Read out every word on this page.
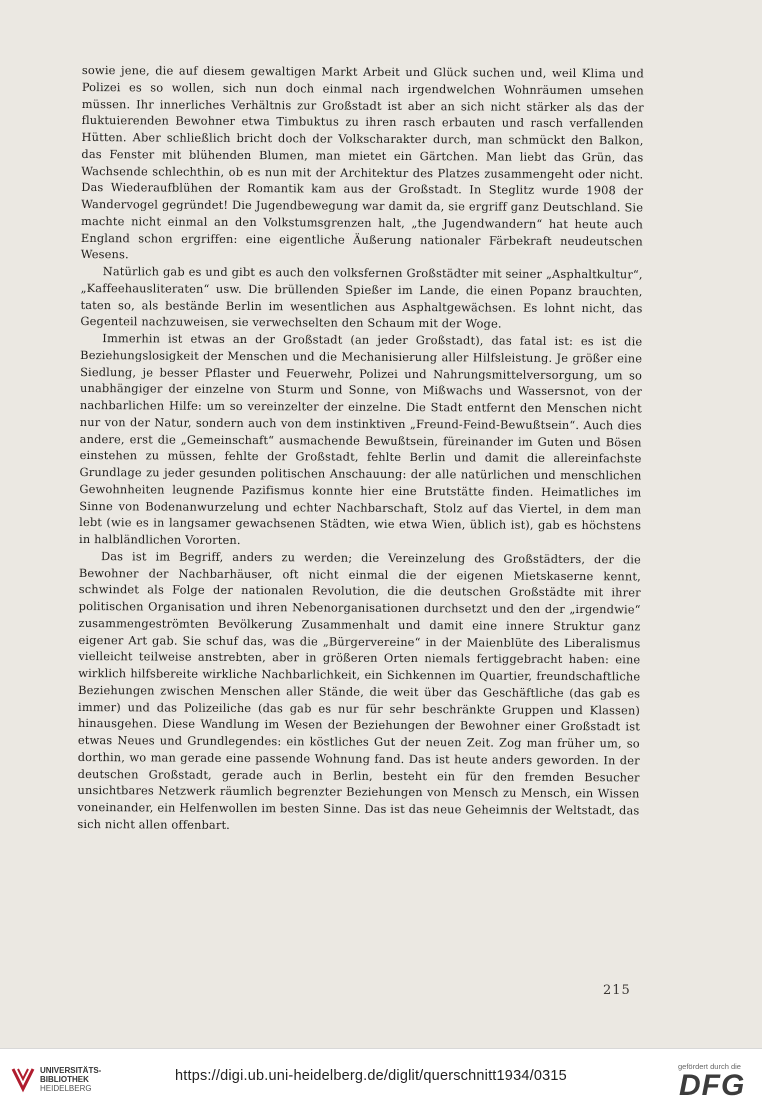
sowie jene, die auf diesem gewaltigen Markt Arbeit und Glück suchen und, weil Klima und Polizei es so wollen, sich nun doch einmal nach irgendwelchen Wohnräumen umsehen müssen. Ihr innerliches Verhältnis zur Großstadt ist aber an sich nicht stärker als das der fluktuierenden Bewohner etwa Timbuktus zu ihren rasch erbauten und rasch verfallenden Hütten. Aber schließlich bricht doch der Volkscharakter durch, man schmückt den Balkon, das Fenster mit blühenden Blumen, man mietet ein Gärtchen. Man liebt das Grün, das Wachsende schlechthin, ob es nun mit der Architektur des Platzes zusammengeht oder nicht. Das Wiederaufblühen der Romantik kam aus der Großstadt. In Steglitz wurde 1908 der Wandervogel gegründet! Die Jugendbewegung war damit da, sie ergriff ganz Deutschland. Sie machte nicht einmal an den Volkstumsgrenzen halt, „the Jugendwandern“ hat heute auch England schon ergriffen: eine eigentliche Äußerung nationaler Färbekraft neudeutschen Wesens.

Natürlich gab es und gibt es auch den volksfernen Großstädter mit seiner „Asphaltkultur“, „Kaffeehausliteraten“ usw. Die brüllenden Spießer im Lande, die einen Popanz brauchten, taten so, als bestände Berlin im wesentlichen aus Asphaltgewächsen. Es lohnt nicht, das Gegenteil nachzuweisen, sie verwechselten den Schaum mit der Woge.

Immerhin ist etwas an der Großstadt (an jeder Großstadt), das fatal ist: es ist die Beziehungslosigkeit der Menschen und die Mechanisierung aller Hilfsleistung. Je größer eine Siedlung, je besser Pflaster und Feuerwehr, Polizei und Nahrungsmittelversorgung, um so unabhängiger der einzelne von Sturm und Sonne, von Mißwachs und Wassersnot, von der nachbarlichen Hilfe: um so vereinzelter der einzelne. Die Stadt entfernt den Menschen nicht nur von der Natur, sondern auch von dem instinktiven „Freund-Feind-Bewußtsein“. Auch dies andere, erst die „Gemeinschaft“ ausmachende Bewußtsein, füreinander im Guten und Bösen einstehen zu müssen, fehlte der Großstadt, fehlte Berlin und damit die allereinfachste Grundlage zu jeder gesunden politischen Anschauung: der alle natürlichen und menschlichen Gewohnheiten leugnende Pazifismus konnte hier eine Brutstätte finden. Heimatliches im Sinne von Bodenanwurzelung und echter Nachbarschaft, Stolz auf das Viertel, in dem man lebt (wie es in langsamer gewachsenen Städten, wie etwa Wien, üblich ist), gab es höchstens in halbländlichen Vororten.

Das ist im Begriff, anders zu werden; die Vereinzelung des Großstädters, der die Bewohner der Nachbarhäuser, oft nicht einmal die der eigenen Mietskaserne kennt, schwindet als Folge der nationalen Revolution, die die deutschen Großstädte mit ihrer politischen Organisation und ihren Nebenorganisationen durchsetzt und den der „irgendwie“ zusammengeströmten Bevölkerung Zusammenhalt und damit eine innere Struktur ganz eigener Art gab. Sie schuf das, was die „Bürgervereine“ in der Maienblüte des Liberalismus vielleicht teilweise anstrebten, aber in größeren Orten niemals fertiggebracht haben: eine wirklich hilfsbereite wirkliche Nachbarlichkeit, ein Sichkennen im Quartier, freundschaftliche Beziehungen zwischen Menschen aller Stände, die weit über das Geschäftliche (das gab es immer) und das Polizeiliche (das gab es nur für sehr beschränkte Gruppen und Klassen) hinausgehen. Diese Wandlung im Wesen der Beziehungen der Bewohner einer Großstadt ist etwas Neues und Grundlegendes: ein köstliches Gut der neuen Zeit. Zog man früher um, so dorthin, wo man gerade eine passende Wohnung fand. Das ist heute anders geworden. In der deutschen Großstadt, gerade auch in Berlin, besteht ein für den fremden Besucher unsichtbares Netzwerk räumlich begrenzter Beziehungen von Mensch zu Mensch, ein Wissen voneinander, ein Helfenwollen im besten Sinne. Das ist das neue Geheimnis der Weltstadt, das sich nicht allen offenbart.

215
UNIVERSITÄTS-
BIBLIOTHEK
HEIDELBERG
https://digi.ub.uni-heidelberg.de/diglit/querschnitt1934/0315
gefördert durch die
DFG
